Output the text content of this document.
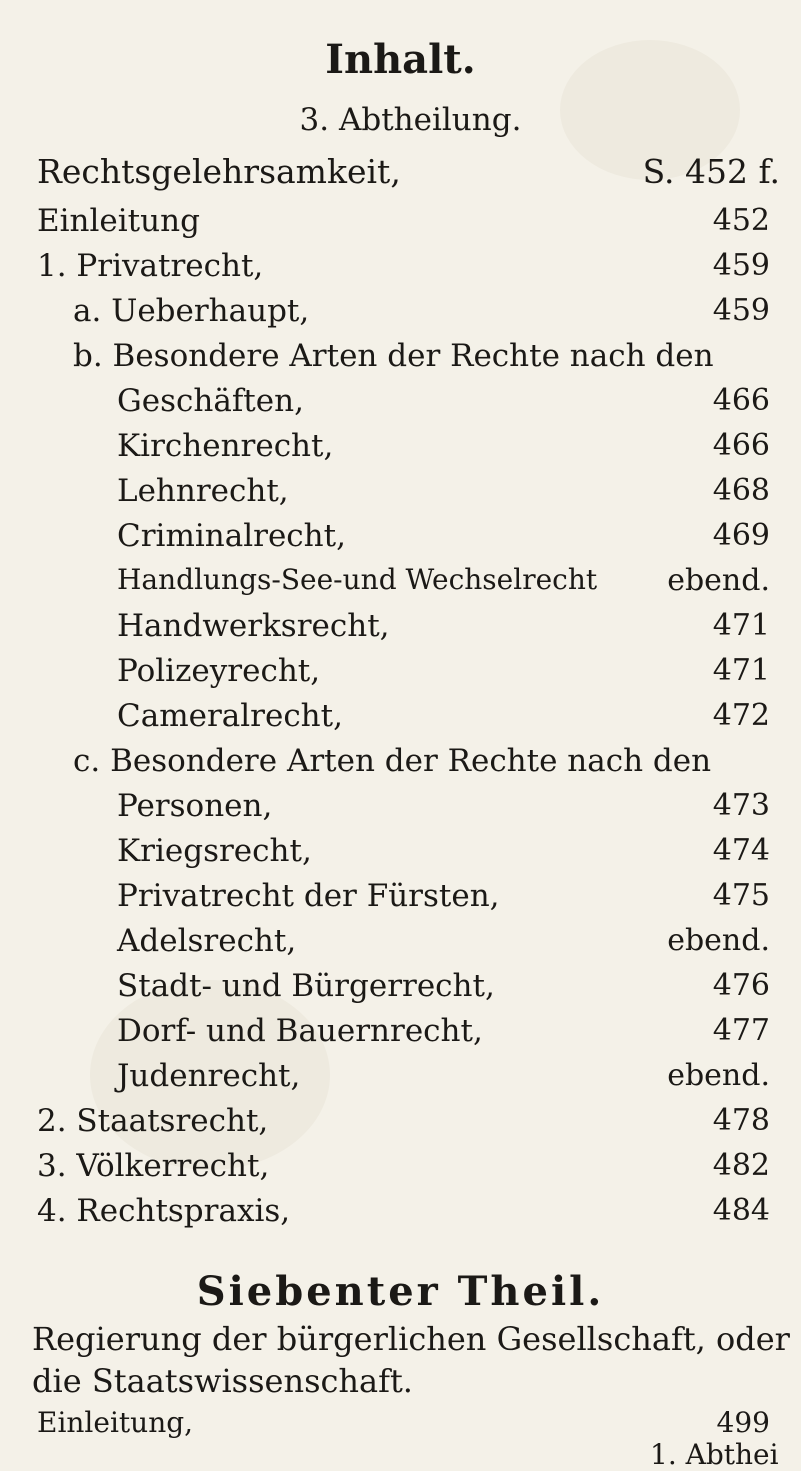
Inhalt.
3. Abtheilung.
Rechtsgelehrsamkeit,	S. 452 f.
Einleitung	452
1. Privatrecht,	459
a. Ueberhaupt,	459
b. Besondere Arten der Rechte nach den
Geschäften,	466
Kirchenrecht,	466
Lehnrecht,	468
Criminalrecht,	469
Handlungs-See-und Wechselrecht	ebend.
Handwerksrecht,	471
Polizeyrecht,	471
Cameralrecht,	472
c. Besondere Arten der Rechte nach den
Personen,	473
Kriegsrecht,	474
Privatrecht der Fürsten,	475
Adelsrecht,	ebend.
Stadt- und Bürgerrecht,	476
Dorf- und Bauernrecht,	477
Judenrecht,	ebend.
2. Staatsrecht,	478
3. Völkerrecht,	482
4. Rechtspraxis,	484
Siebenter Theil.
Regierung der bürgerlichen Gesellschaft, oder
die Staatswissenschaft.
Einleitung,	499
1. Abthei
